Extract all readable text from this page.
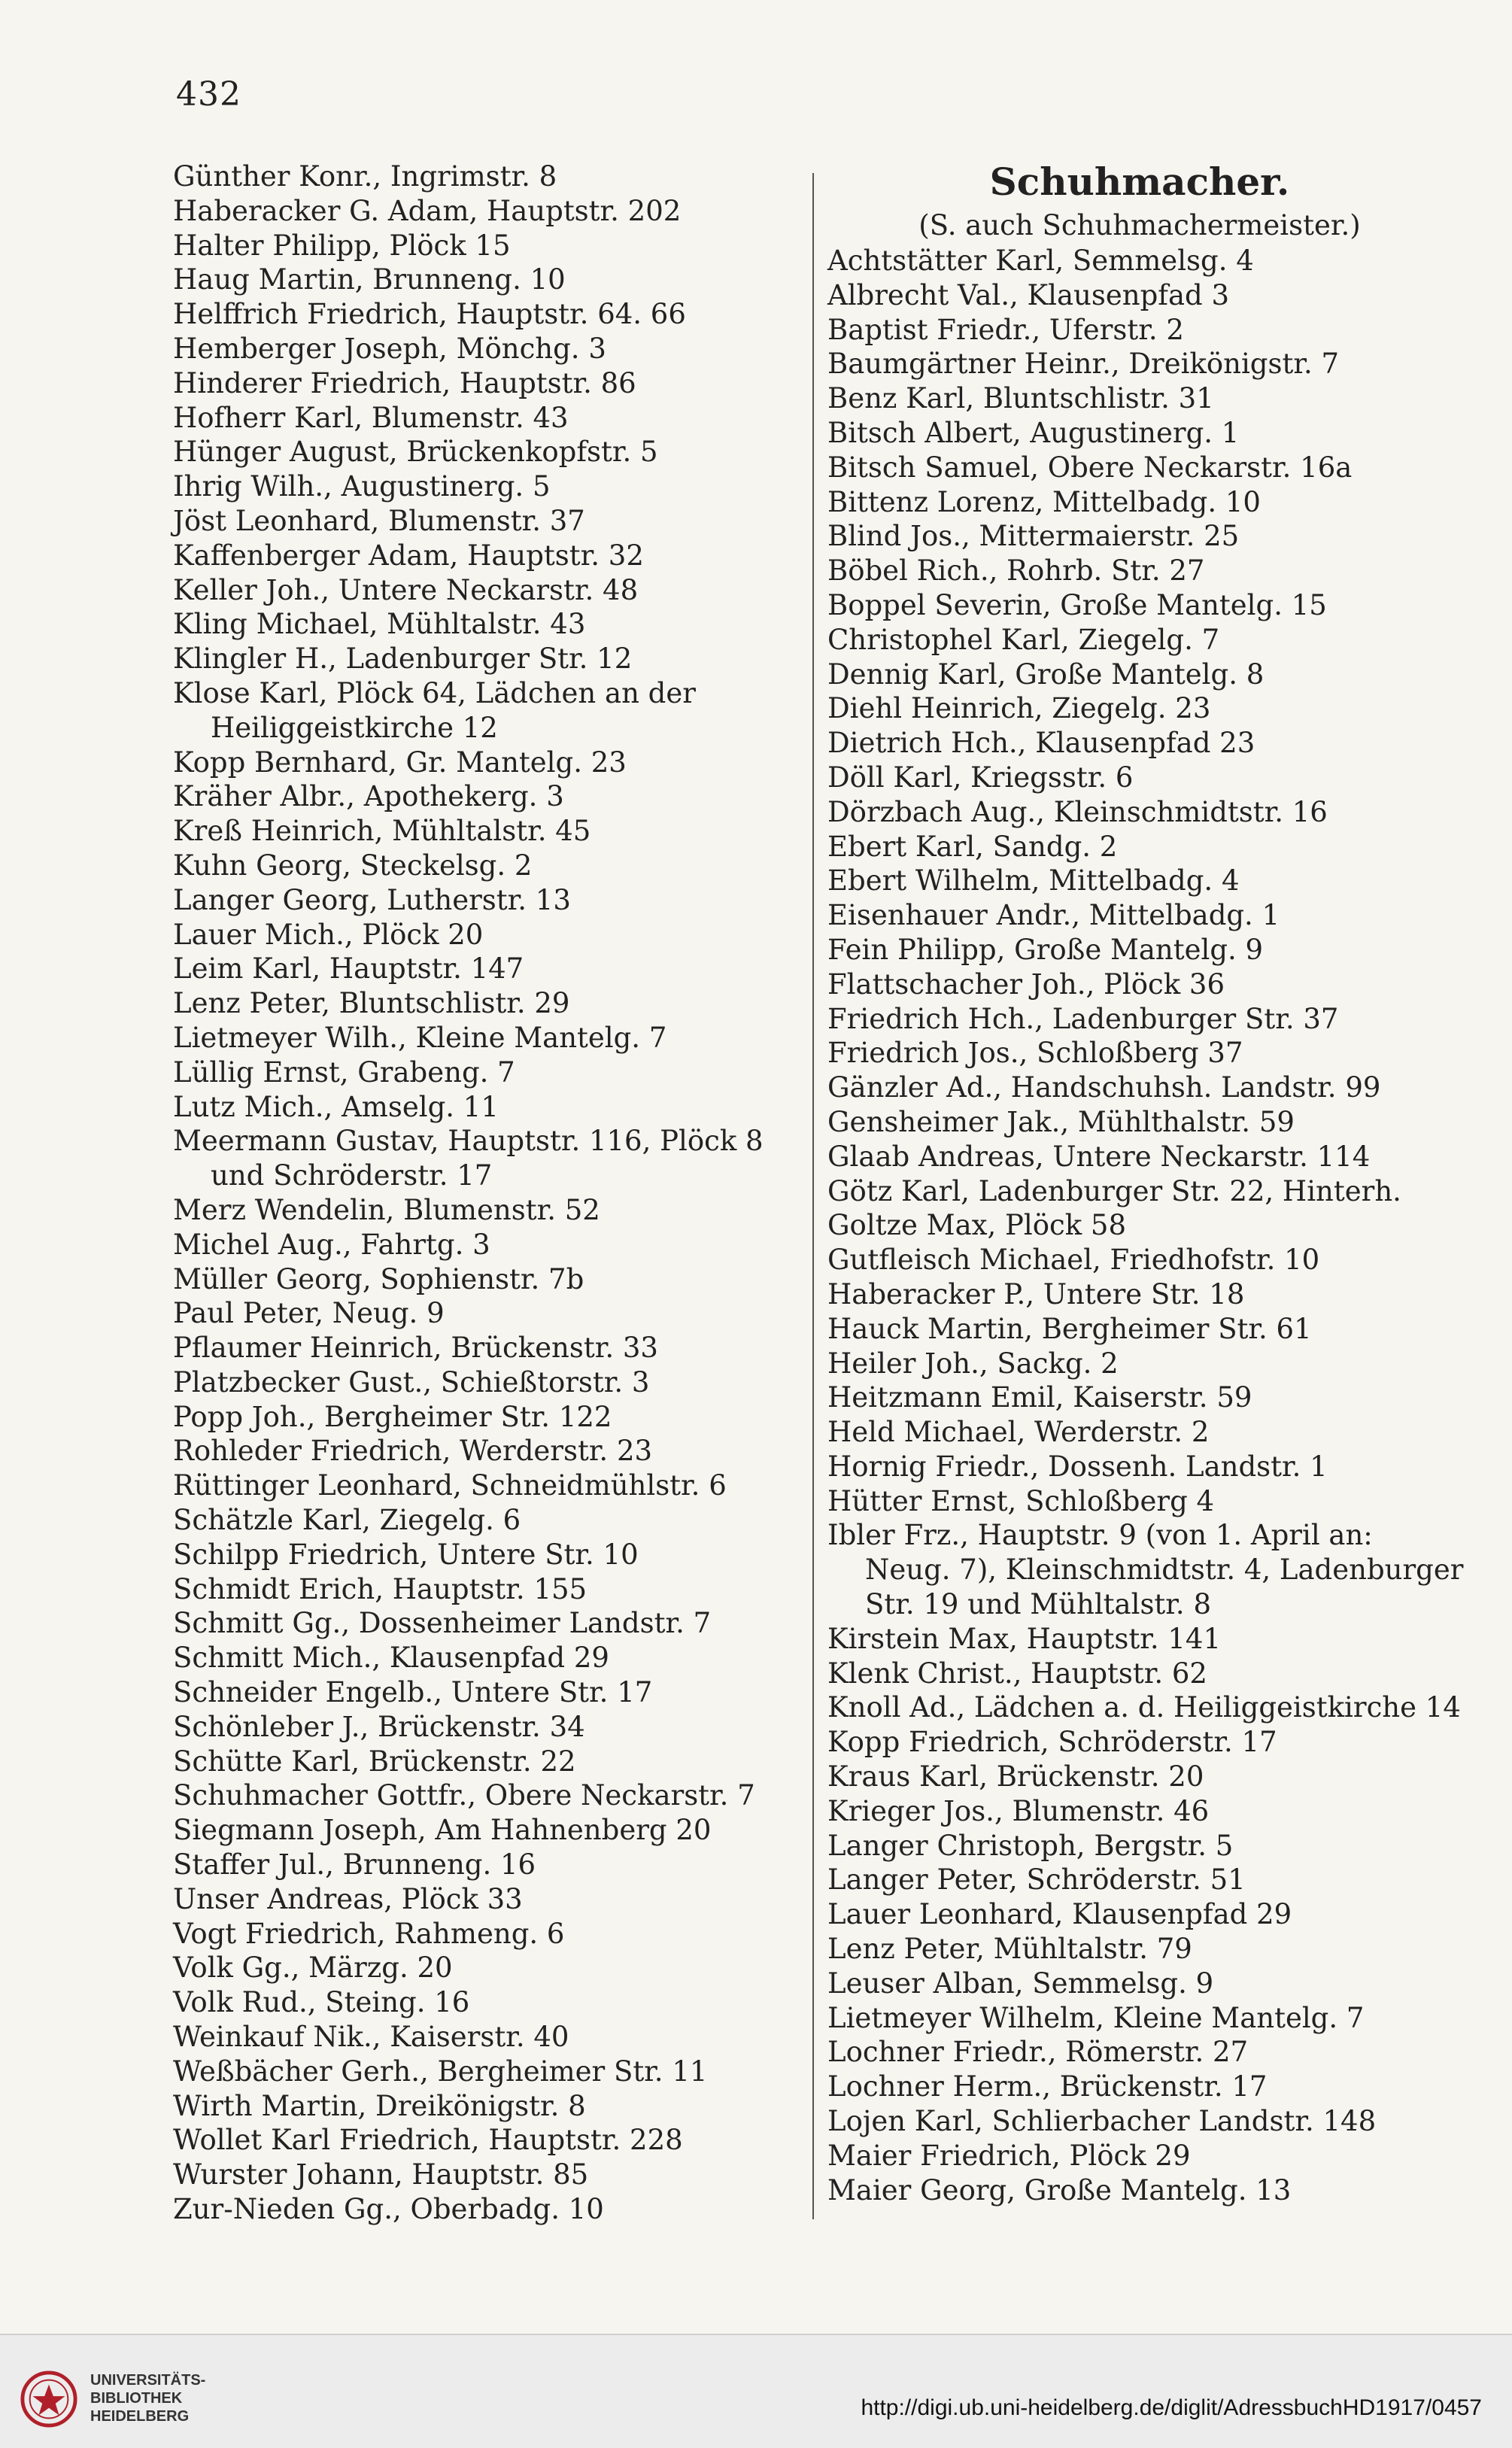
432
Günther Konr., Ingrimstr. 8
Haberacker G. Adam, Hauptstr. 202
Halter Philipp, Plöck 15
Haug Martin, Brunneng. 10
Helffrich Friedrich, Hauptstr. 64. 66
Hemberger Joseph, Mönchg. 3
Hinderer Friedrich, Hauptstr. 86
Hofherr Karl, Blumenstr. 43
Hünger August, Brückenkopfstr. 5
Ihrig Wilh., Augustinerg. 5
Jöst Leonhard, Blumenstr. 37
Kaffenberger Adam, Hauptstr. 32
Keller Joh., Untere Neckarstr. 48
Kling Michael, Mühltalstr. 43
Klingler H., Ladenburger Str. 12
Klose Karl, Plöck 64, Lädchen an der
Heiliggeistkirche 12
Kopp Bernhard, Gr. Mantelg. 23
Kräher Albr., Apothekerg. 3
Kreß Heinrich, Mühltalstr. 45
Kuhn Georg, Steckelsg. 2
Langer Georg, Lutherstr. 13
Lauer Mich., Plöck 20
Leim Karl, Hauptstr. 147
Lenz Peter, Bluntschlistr. 29
Lietmeyer Wilh., Kleine Mantelg. 7
Lüllig Ernst, Grabeng. 7
Lutz Mich., Amselg. 11
Meermann Gustav, Hauptstr. 116, Plöck 8
und Schröderstr. 17
Merz Wendelin, Blumenstr. 52
Michel Aug., Fahrtg. 3
Müller Georg, Sophienstr. 7b
Paul Peter, Neug. 9
Pflaumer Heinrich, Brückenstr. 33
Platzbecker Gust., Schießtorstr. 3
Popp Joh., Bergheimer Str. 122
Rohleder Friedrich, Werderstr. 23
Rüttinger Leonhard, Schneidmühlstr. 6
Schätzle Karl, Ziegelg. 6
Schilpp Friedrich, Untere Str. 10
Schmidt Erich, Hauptstr. 155
Schmitt Gg., Dossenheimer Landstr. 7
Schmitt Mich., Klausenpfad 29
Schneider Engelb., Untere Str. 17
Schönleber J., Brückenstr. 34
Schütte Karl, Brückenstr. 22
Schuhmacher Gottfr., Obere Neckarstr. 7
Siegmann Joseph, Am Hahnenberg 20
Staffer Jul., Brunneng. 16
Unser Andreas, Plöck 33
Vogt Friedrich, Rahmeng. 6
Volk Gg., Märzg. 20
Volk Rud., Steing. 16
Weinkauf Nik., Kaiserstr. 40
Weßbächer Gerh., Bergheimer Str. 11
Wirth Martin, Dreikönigstr. 8
Wollet Karl Friedrich, Hauptstr. 228
Wurster Johann, Hauptstr. 85
Zur-Nieden Gg., Oberbadg. 10
Schuhmacher.
(S. auch Schuhmachermeister.)
Achtstätter Karl, Semmelsg. 4
Albrecht Val., Klausenpfad 3
Baptist Friedr., Uferstr. 2
Baumgärtner Heinr., Dreikönigstr. 7
Benz Karl, Bluntschlistr. 31
Bitsch Albert, Augustinerg. 1
Bitsch Samuel, Obere Neckarstr. 16a
Bittenz Lorenz, Mittelbadg. 10
Blind Jos., Mittermaierstr. 25
Böbel Rich., Rohrb. Str. 27
Boppel Severin, Große Mantelg. 15
Christophel Karl, Ziegelg. 7
Dennig Karl, Große Mantelg. 8
Diehl Heinrich, Ziegelg. 23
Dietrich Hch., Klausenpfad 23
Döll Karl, Kriegsstr. 6
Dörzbach Aug., Kleinschmidtstr. 16
Ebert Karl, Sandg. 2
Ebert Wilhelm, Mittelbadg. 4
Eisenhauer Andr., Mittelbadg. 1
Fein Philipp, Große Mantelg. 9
Flattschacher Joh., Plöck 36
Friedrich Hch., Ladenburger Str. 37
Friedrich Jos., Schloßberg 37
Gänzler Ad., Handschuhsh. Landstr. 99
Gensheimer Jak., Mühlthalstr. 59
Glaab Andreas, Untere Neckarstr. 114
Götz Karl, Ladenburger Str. 22, Hinterh.
Goltze Max, Plöck 58
Gutfleisch Michael, Friedhofstr. 10
Haberacker P., Untere Str. 18
Hauck Martin, Bergheimer Str. 61
Heiler Joh., Sackg. 2
Heitzmann Emil, Kaiserstr. 59
Held Michael, Werderstr. 2
Hornig Friedr., Dossenh. Landstr. 1
Hütter Ernst, Schloßberg 4
Ibler Frz., Hauptstr. 9 (von 1. April an:
Neug. 7), Kleinschmidtstr. 4, Ladenburger
Str. 19 und Mühltalstr. 8
Kirstein Max, Hauptstr. 141
Klenk Christ., Hauptstr. 62
Knoll Ad., Lädchen a. d. Heiliggeistkirche 14
Kopp Friedrich, Schröderstr. 17
Kraus Karl, Brückenstr. 20
Krieger Jos., Blumenstr. 46
Langer Christoph, Bergstr. 5
Langer Peter, Schröderstr. 51
Lauer Leonhard, Klausenpfad 29
Lenz Peter, Mühltalstr. 79
Leuser Alban, Semmelsg. 9
Lietmeyer Wilhelm, Kleine Mantelg. 7
Lochner Friedr., Römerstr. 27
Lochner Herm., Brückenstr. 17
Lojen Karl, Schlierbacher Landstr. 148
Maier Friedrich, Plöck 29
Maier Georg, Große Mantelg. 13
UNIVERSITÄTS-
BIBLIOTHEK
HEIDELBERG	http://digi.ub.uni-heidelberg.de/diglit/AdressbuchHD1917/0457
